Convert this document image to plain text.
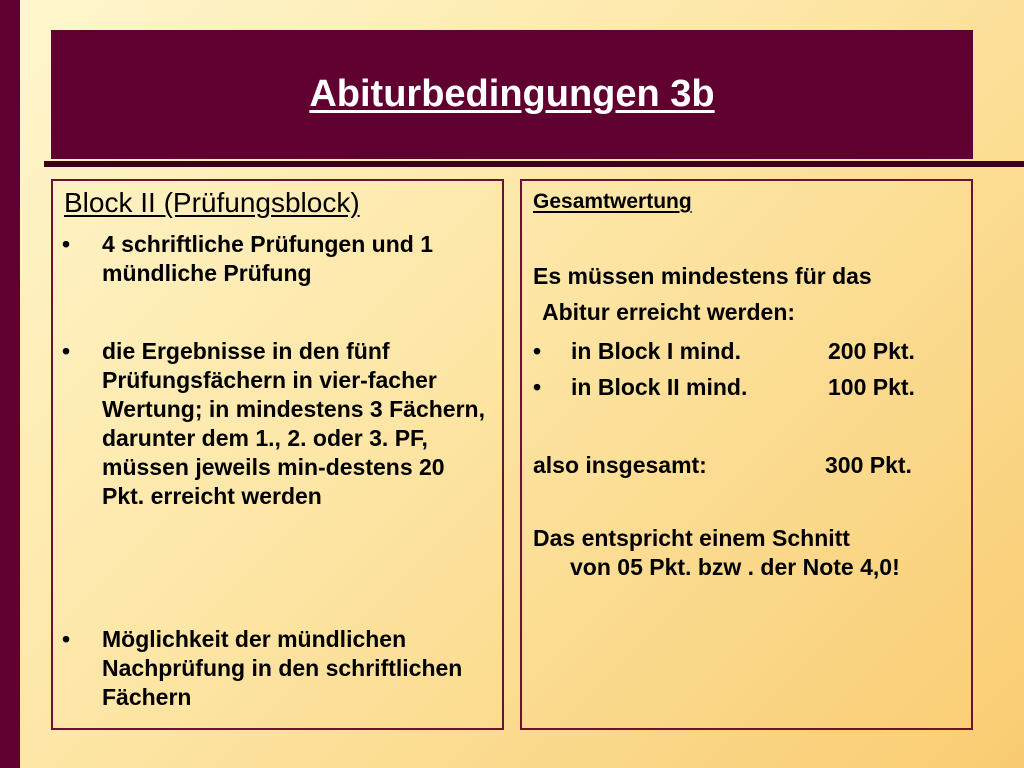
Abiturbedingungen 3b
Block II (Prüfungsblock)
• 4 schriftliche Prüfungen und 1 mündliche Prüfung
• die Ergebnisse in den fünf Prüfungsfächern in vier-facher Wertung; in mindestens 3 Fächern, darunter dem 1., 2. oder 3. PF, müssen jeweils min-destens 20 Pkt. erreicht werden
• Möglichkeit der mündlichen Nachprüfung in den schriftlichen Fächern
Gesamtwertung
Es müssen mindestens für das
Abitur erreicht werden:
• in Block I mind.	200 Pkt.
• in Block II mind.	100 Pkt.
also insgesamt:	300 Pkt.
Das entspricht einem Schnitt
von 05 Pkt. bzw . der Note 4,0!
